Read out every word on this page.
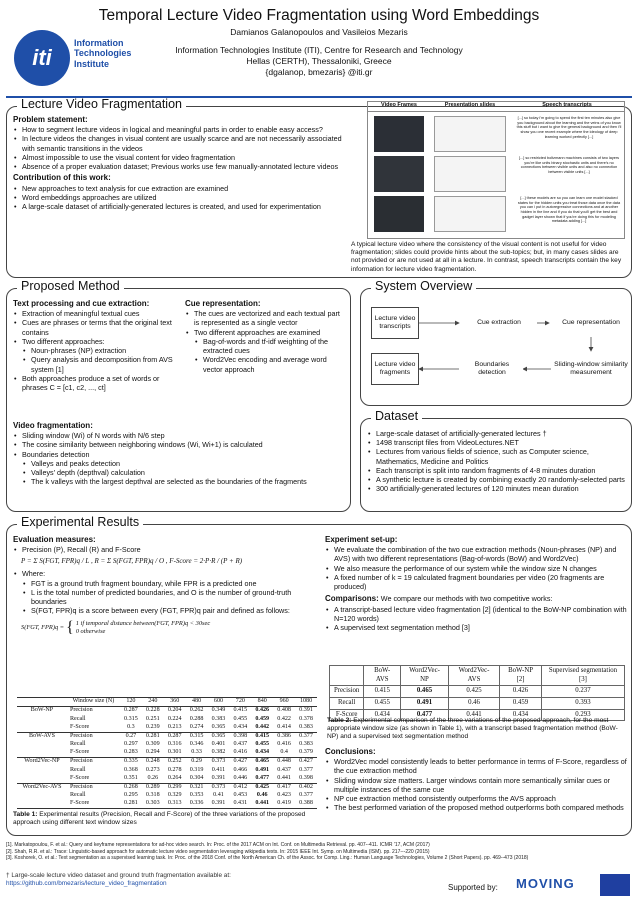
iti
Information
Technologies
Institute
Temporal Lecture Video Fragmentation using Word Embeddings
Damianos Galanopoulos and Vasileios Mezaris
Information Technologies Institute (ITI), Centre for Research and Technology
Hellas (CERTH), Thessaloniki, Greece
{dgalanop, bmezaris} @iti.gr
Lecture Video Fragmentation
Problem statement:
• How to segment lecture videos in logical and meaningful parts in order to enable easy access?
• In lecture videos the changes in visual content are usually scarce and are not necessarily associated with semantic transitions in the videos
• Almost impossible to use the visual content for video fragmentation
• Absence of a proper evaluation dataset; Previous works use few manually-annotated lecture videos
Contribution of this work:
• New approaches to text analysis for cue extraction are examined
• Word embeddings approaches are utilized
• A large-scale dataset of artificially-generated lectures is created, and used for experimentation
Video Frames	Presentation slides	Speech transcripts
[...] so today i'm going to spend the first ten minutes also give you background about the learning and the veins of you know this stuff but i want to give the general background and then i'll show you one recent example where the ideology of deep learning worked perfectly [...]
[...] so restricted boltzmann machines consists of two layers you're like units binary stochastic units and there's no connections between visible units and also no connection between visible units [...]
[...] these models are so you can learn one model stacked states for the hidden units you treat those data once the data you can i put in autoregressive connections and at another hidden in the line and if you do that you'll get the best and gadget layer shown that if you're doing this for modeling metadata adding [...]
A typical lecture video where the consistency of the visual content is not useful for video fragmentation; slides could provide hints about the sub-topics; but, in many cases slides are not provided or are not used at all in a lecture. In contrast, speech transcripts contain the key information for lecture video fragmentation.
Proposed Method
Text processing and cue extraction:
• Extraction of meaningful textual cues
• Cues are phrases or terms that the original text contains
• Two different approaches:
• Noun-phrases (NP) extraction
• Query analysis and decomposition from AVS system [1]
• Both approaches produce a set of words or phrases C = [c1, c2, ..., ct]
Cue representation:
• The cues are vectorized and each textual part is represented as a single vector
• Two different approaches are examined
• Bag-of-words and tf-idf weighting of the extracted cues
• Word2Vec encoding and average word vector approach
Video fragmentation:
• Sliding window (Wi) of N words with N/6 step
• The cosine similarity between neighboring windows (Wi, Wi+1) is calculated
• Boundaries detection
• Valleys and peaks detection
• Valleys' depth (depthval) calculation
• The k valleys with the largest depthval are selected as the boundaries of the fragments
System Overview
Lecture video transcripts
Cue extraction	Cue representation
Lecture video fragments
Boundaries detection
Sliding-window similarity measurement
Dataset
• Large-scale dataset of artificially-generated lectures †
• 1498 transcript files from VideoLectures.NET
• Lectures from various fields of science, such as Computer science, Mathematics, Medicine and Politics
• Each transcript is split into random fragments of 4-8 minutes duration
• A synthetic lecture is created by combining exactly 20 randomly-selected parts
• 300 artificially-generated lectures of 120 minutes mean duration
Experimental Results
Evaluation measures:
• Precision (P), Recall (R) and F-Score
P = Σ S(FGT, FPR)q / L , R = Σ S(FGT, FPR)q / O , F-Score = 2·P·R / (P + R)
• Where:
• FGT is a ground truth fragment boundary, while FPR is a predicted one
• L is the total number of predicted boundaries, and O is the number of ground-truth boundaries
• S(FGT, FPR)q is a score between every (FGT, FPR)q pair and defined as follows:
S(FGT, FPR)q = { 1 if temporal distance between(FGT, FPR)q < 30sec
0 otherwise
	Window size (N)	120	240	360	480	600	720	840	960	1080
BoW-NP	Precision	0.287	0.228	0.204	0.262	0.349	0.415	0.426	0.408	0.391
	Recall	0.315	0.251	0.224	0.288	0.383	0.455	0.459	0.422	0.378
	F-Score	0.3	0.239	0.213	0.274	0.365	0.434	0.442	0.414	0.383
BoW-AVS	Precision	0.27	0.281	0.287	0.315	0.365	0.398	0.415	0.386	0.377
	Recall	0.297	0.309	0.316	0.346	0.401	0.437	0.455	0.416	0.383
	F-Score	0.283	0.294	0.301	0.33	0.382	0.416	0.434	0.4	0.379
Word2Vec-NP	Precision	0.335	0.248	0.252	0.29	0.373	0.427	0.465	0.448	0.427
	Recall	0.368	0.273	0.278	0.319	0.411	0.466	0.491	0.437	0.377
	F-Score	0.351	0.26	0.264	0.304	0.391	0.446	0.477	0.441	0.398
Word2Vec-AVS	Precision	0.268	0.289	0.299	0.321	0.373	0.412	0.425	0.417	0.402
	Recall	0.295	0.318	0.329	0.353	0.41	0.453	0.46	0.423	0.377
	F-Score	0.281	0.303	0.313	0.336	0.391	0.431	0.441	0.419	0.388
Table 1: Experimental results (Precision, Recall and F-Score) of the three variations of the proposed approach using different text window sizes
Experiment set-up:
• We evaluate the combination of the two cue extraction methods (Noun-phrases (NP) and AVS) with two different representations (Bag-of-words (BoW) and Word2Vec)
• We also measure the performance of our system while the window size N changes
• A fixed number of k = 19 calculated fragment boundaries per video (20 fragments are produced)
Comparisons: We compare our methods with two competitive works:
• A transcript-based lecture video fragmentation [2] (identical to the BoW-NP combination with N=120 words)
• A supervised text segmentation method [3]
	BoW-AVS	Word2Vec-NP	Word2Vec-AVS	BoW-NP [2]	Supervised segmentation [3]
Precision	0.415	0.465	0.425	0.426	0.237
Recall	0.455	0.491	0.46	0.459	0.393
F-Score	0.434	0.477	0.441	0.434	0.293
Table 2: Experimental comparison of the three variations of the proposed approach, for the most appropriate window size (as shown in Table 1), with a transcript based fragmentation method (BoW-NP) and a supervised text segmentation method
Conclusions:
• Word2Vec model consistently leads to better performance in terms of F-Score, regardless of the cue extraction method
• Sliding window size matters. Larger windows contain more semantically similar cues or multiple instances of the same cue
• NP cue extraction method consistently outperforms the AVS approach
• The best performed variation of the proposed method outperforms both compared methods
[1]. Markatopoulou, F. et al.: Query and keyframe representations for ad-hoc video search. In: Proc. of the 2017 ACM on Int. Conf. on Multimedia Retrieval. pp. 407--411. ICMR '17, ACM (2017)
[2]. Shah, R.R. et al.: Trace: Linguistic-based approach for automatic lecture video segmentation leveraging wikipedia texts. In: 2015 IEEE Int. Symp. on Multimedia (ISM). pp. 217---220 (2015)
[3]. Koshorek, O. et al.: Text segmentation as a supervised learning task. In: Proc. of the 2018 Conf. of the North American Ch. of the Assoc. for Comp. Ling.: Human Language Technologies, Volume 2 (Short Papers). pp. 469--473 (2018)
† Large-scale lecture video dataset and ground truth fragmentation available at:
https://github.com/bmezaris/lecture_video_fragmentation	Supported by: MOVING
